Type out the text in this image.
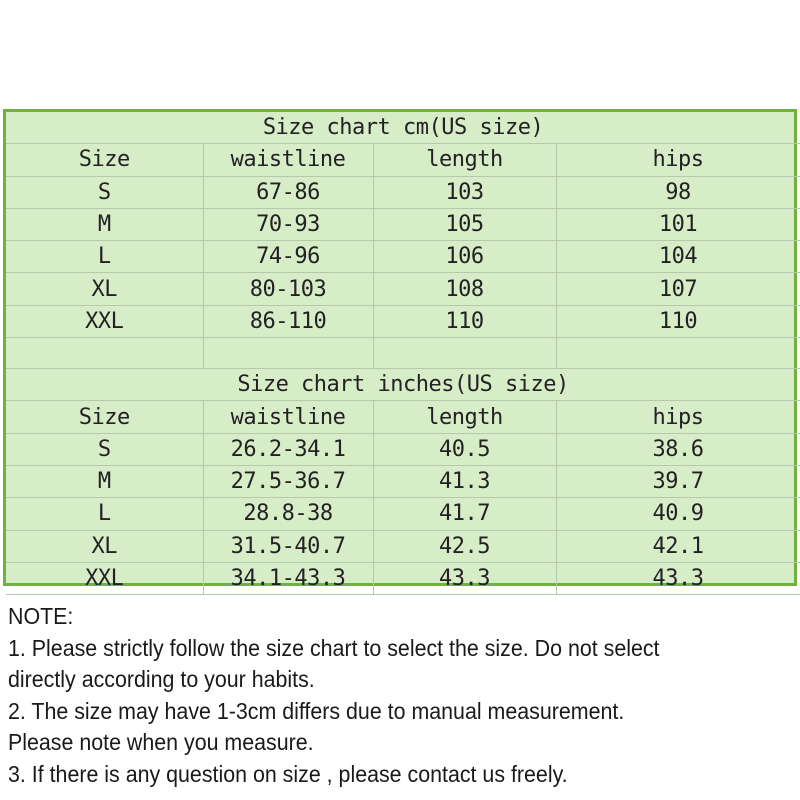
Size chart cm(US size)			
Size	waistline	length	hips
S	67-86	103	98
M	70-93	105	101
L	74-96	106	104
XL	80-103	108	107
XXL	86-110	110	110

Size chart inches(US size)			
Size	waistline	length	hips
S	26.2-34.1	40.5	38.6
M	27.5-36.7	41.3	39.7
L	28.8-38	41.7	40.9
XL	31.5-40.7	42.5	42.1
XXL	34.1-43.3	43.3	43.3
NOTE:
1. Please strictly follow the size chart to select the size. Do not select
directly according to your habits.
2. The size may have 1-3cm differs due to manual measurement.
Please note when you measure.
3. If there is any question on size , please contact us freely.
